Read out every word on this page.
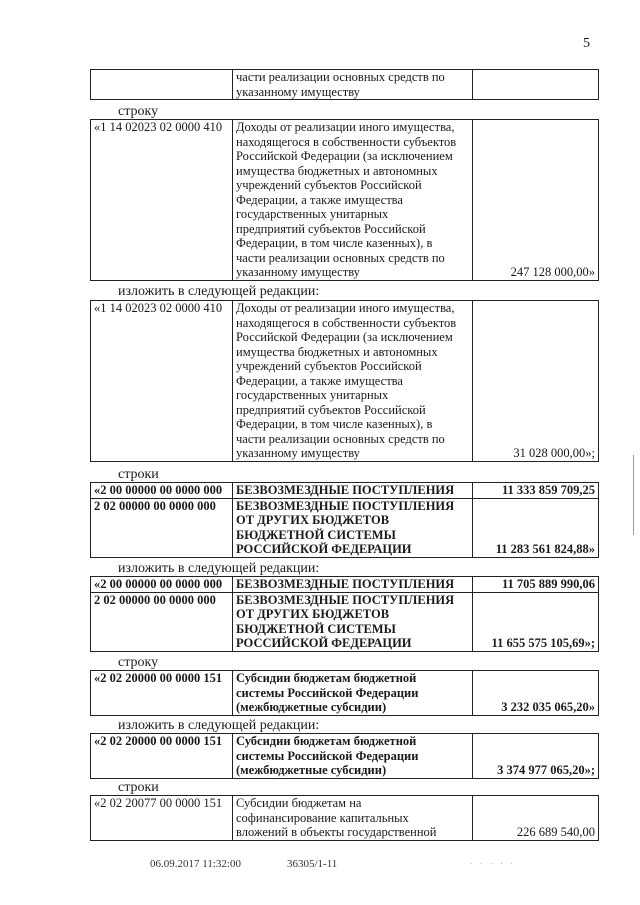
5
	части реализации основных средств по
указанному имуществу	
строку
«1 14 02023 02 0000 410	Доходы от реализации иного имущества,
находящегося в собственности субъектов
Российской Федерации (за исключением
имущества бюджетных и автономных
учреждений субъектов Российской
Федерации, а также имущества
государственных унитарных
предприятий субъектов Российской
Федерации, в том числе казенных), в
части реализации основных средств по
указанному имуществу	247 128 000,00»
изложить в следующей редакции:
«1 14 02023 02 0000 410	Доходы от реализации иного имущества,
находящегося в собственности субъектов
Российской Федерации (за исключением
имущества бюджетных и автономных
учреждений субъектов Российской
Федерации, а также имущества
государственных унитарных
предприятий субъектов Российской
Федерации, в том числе казенных), в
части реализации основных средств по
указанному имуществу	31 028 000,00»;
строки
«2 00 00000 00 0000 000	БЕЗВОЗМЕЗДНЫЕ ПОСТУПЛЕНИЯ	11 333 859 709,25
2 02 00000 00 0000 000	БЕЗВОЗМЕЗДНЫЕ ПОСТУПЛЕНИЯ
ОТ ДРУГИХ БЮДЖЕТОВ
БЮДЖЕТНОЙ СИСТЕМЫ
РОССИЙСКОЙ ФЕДЕРАЦИИ	11 283 561 824,88»
изложить в следующей редакции:
«2 00 00000 00 0000 000	БЕЗВОЗМЕЗДНЫЕ ПОСТУПЛЕНИЯ	11 705 889 990,06
2 02 00000 00 0000 000	БЕЗВОЗМЕЗДНЫЕ ПОСТУПЛЕНИЯ
ОТ ДРУГИХ БЮДЖЕТОВ
БЮДЖЕТНОЙ СИСТЕМЫ
РОССИЙСКОЙ ФЕДЕРАЦИИ	11 655 575 105,69»;
строку
«2 02 20000 00 0000 151	Субсидии бюджетам бюджетной
системы Российской Федерации
(межбюджетные субсидии)	3 232 035 065,20»
изложить в следующей редакции:
«2 02 20000 00 0000 151	Субсидии бюджетам бюджетной
системы Российской Федерации
(межбюджетные субсидии)	3 374 977 065,20»;
строки
«2 02 20077 00 0000 151	Субсидии бюджетам на
софинансирование капитальных
вложений в объекты государственной	226 689 540,00
06.09.2017 11:32:00	36305/1-11	· · · · ·
